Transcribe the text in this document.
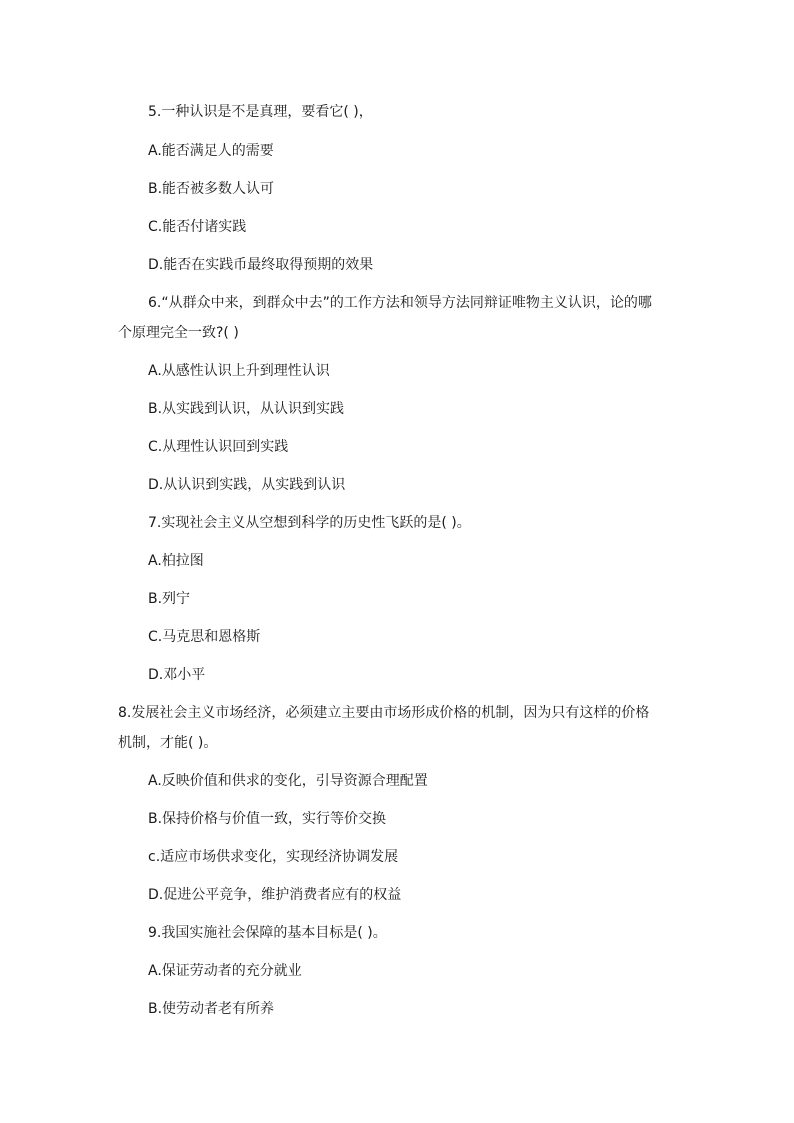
5.一种认识是不是真理，要看它( )，
A.能否满足人的需要
B.能否被多数人认可
C.能否付诸实践
D.能否在实践币最终取得预期的效果
6.“从群众中来，到群众中去”的工作方法和领导方法同辩证唯物主义认识，论的哪
个原理完全一致?( )
A.从感性认识上升到理性认识
B.从实践到认识，从认识到实践
C.从理性认识回到实践
D.从认识到实践，从实践到认识
7.实现社会主义从空想到科学的历史性飞跃的是( )。
A.柏拉图
B.列宁
C.马克思和恩格斯
D.邓小平
8.发展社会主义市场经济，必须建立主要由市场形成价格的机制，因为只有这样的价格
机制，才能( )。
A.反映价值和供求的变化，引导资源合理配置
B.保持价格与价值一致，实行等价交换
c.适应市场供求变化，实现经济协调发展
D.促进公平竞争，维护消费者应有的权益
9.我国实施社会保障的基本目标是( )。
A.保证劳动者的充分就业
B.使劳动者老有所养
